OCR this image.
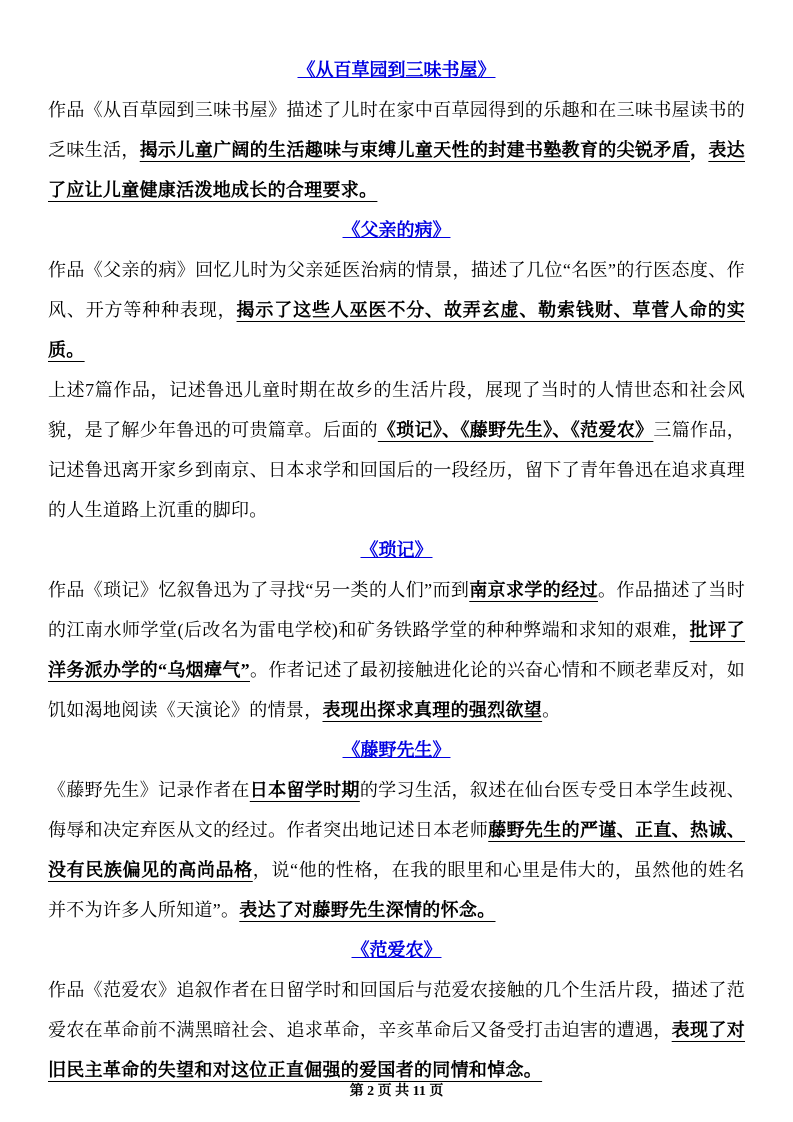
《从百草园到三味书屋》
作品《从百草园到三味书屋》描述了儿时在家中百草园得到的乐趣和在三味书屋读书的乏味生活，揭示儿童广阔的生活趣味与束缚儿童天性的封建书塾教育的尖锐矛盾，表达了应让儿童健康活泼地成长的合理要求。
《父亲的病》
作品《父亲的病》回忆儿时为父亲延医治病的情景，描述了几位“名医”的行医态度、作风、开方等种种表现，揭示了这些人巫医不分、故弄玄虚、勒索钱财、草菅人命的实质。
上述7篇作品，记述鲁迅儿童时期在故乡的生活片段，展现了当时的人情世态和社会风貌，是了解少年鲁迅的可贵篇章。后面的《琐记》、《藤野先生》、《范爱农》三篇作品，记述鲁迅离开家乡到南京、日本求学和回国后的一段经历，留下了青年鲁迅在追求真理的人生道路上沉重的脚印。
《琐记》
作品《琐记》忆叙鲁迅为了寻找“另一类的人们”而到南京求学的经过。作品描述了当时的江南水师学堂(后改名为雷电学校)和矿务铁路学堂的种种弊端和求知的艰难，批评了洋务派办学的“乌烟瘴气”。作者记述了最初接触进化论的兴奋心情和不顾老辈反对，如饥如渴地阅读《天演论》的情景，表现出探求真理的强烈欲望。
《藤野先生》
《藤野先生》记录作者在日本留学时期的学习生活，叙述在仙台医专受日本学生歧视、侮辱和决定弃医从文的经过。作者突出地记述日本老师藤野先生的严谨、正直、热诚、没有民族偏见的高尚品格，说“他的性格，在我的眼里和心里是伟大的，虽然他的姓名并不为许多人所知道”。表达了对藤野先生深情的怀念。
《范爱农》
作品《范爱农》追叙作者在日留学时和回国后与范爱农接触的几个生活片段，描述了范爱农在革命前不满黑暗社会、追求革命，辛亥革命后又备受打击迫害的遭遇，表现了对旧民主革命的失望和对这位正直倔强的爱国者的同情和悼念。
第 2 页 共 11 页
